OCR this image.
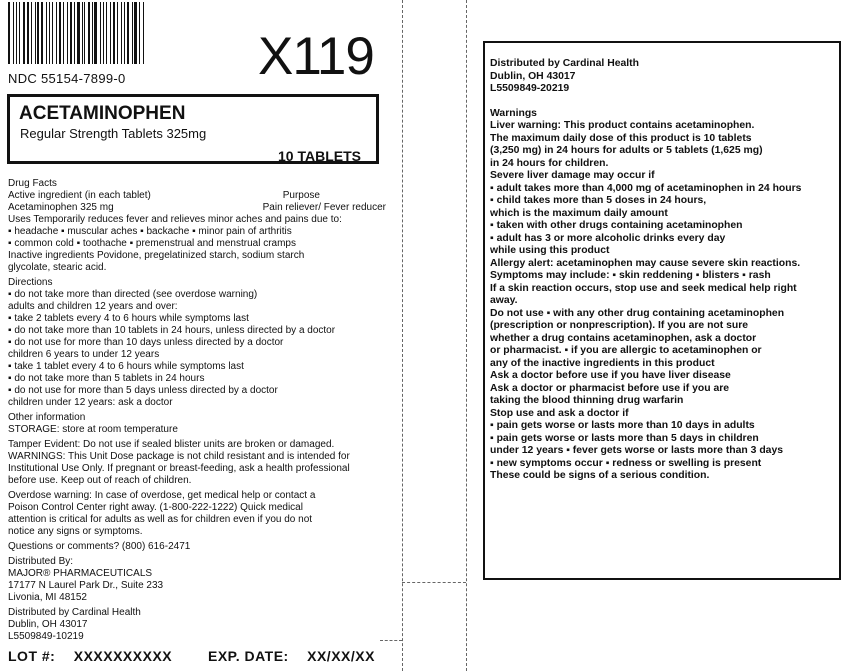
NDC 55154-7899-0 X119
ACETAMINOPHEN
Regular Strength Tablets 325mg
10 TABLETS
Drug Facts
Active ingredient (in each tablet)	Purpose
Acetaminophen 325 mg	Pain reliever/ Fever reducer
Uses Temporarily reduces fever and relieves minor aches and pains due to:
▪ headache ▪ muscular aches ▪ backache ▪ minor pain of arthritis
▪ common cold ▪ toothache ▪ premenstrual and menstrual cramps
Inactive ingredients Povidone, pregelatinized starch, sodium starch
glycolate, stearic acid.
Directions
▪ do not take more than directed (see overdose warning)
adults and children 12 years and over:
▪ take 2 tablets every 4 to 6 hours while symptoms last
▪ do not take more than 10 tablets in 24 hours, unless directed by a doctor
▪ do not use for more than 10 days unless directed by a doctor
children 6 years to under 12 years
▪ take 1 tablet every 4 to 6 hours while symptoms last
▪ do not take more than 5 tablets in 24 hours
▪ do not use for more than 5 days unless directed by a doctor
children under 12 years: ask a doctor
Other information
STORAGE: store at room temperature
Tamper Evident: Do not use if sealed blister units are broken or damaged.
WARNINGS: This Unit Dose package is not child resistant and is intended for
Institutional Use Only. If pregnant or breast-feeding, ask a health professional
before use. Keep out of reach of children.
Overdose warning: In case of overdose, get medical help or contact a
Poison Control Center right away. (1-800-222-1222) Quick medical
attention is critical for adults as well as for children even if you do not
notice any signs or symptoms.
Questions or comments? (800) 616-2471
Distributed By:
MAJOR® PHARMACEUTICALS
17177 N Laurel Park Dr., Suite 233
Livonia, MI 48152
Distributed by Cardinal Health
Dublin, OH 43017
L5509849-10219
LOT #: XXXXXXXXXX	EXP. DATE: XX/XX/XX
Distributed by Cardinal Health
Dublin, OH 43017
L5509849-20219
Warnings
Liver warning: This product contains acetaminophen.
The maximum daily dose of this product is 10 tablets
(3,250 mg) in 24 hours for adults or 5 tablets (1,625 mg)
in 24 hours for children.
Severe liver damage may occur if
▪ adult takes more than 4,000 mg of acetaminophen in 24 hours
▪ child takes more than 5 doses in 24 hours,
which is the maximum daily amount
▪ taken with other drugs containing acetaminophen
▪ adult has 3 or more alcoholic drinks every day
while using this product
Allergy alert: acetaminophen may cause severe skin reactions.
Symptoms may include: ▪ skin reddening ▪ blisters ▪ rash
If a skin reaction occurs, stop use and seek medical help right
away.
Do not use ▪ with any other drug containing acetaminophen
(prescription or nonprescription). If you are not sure
whether a drug contains acetaminophen, ask a doctor
or pharmacist. ▪ if you are allergic to acetaminophen or
any of the inactive ingredients in this product
Ask a doctor before use if you have liver disease
Ask a doctor or pharmacist before use if you are
taking the blood thinning drug warfarin
Stop use and ask a doctor if
▪ pain gets worse or lasts more than 10 days in adults
▪ pain gets worse or lasts more than 5 days in children
under 12 years ▪ fever gets worse or lasts more than 3 days
▪ new symptoms occur ▪ redness or swelling is present
These could be signs of a serious condition.
